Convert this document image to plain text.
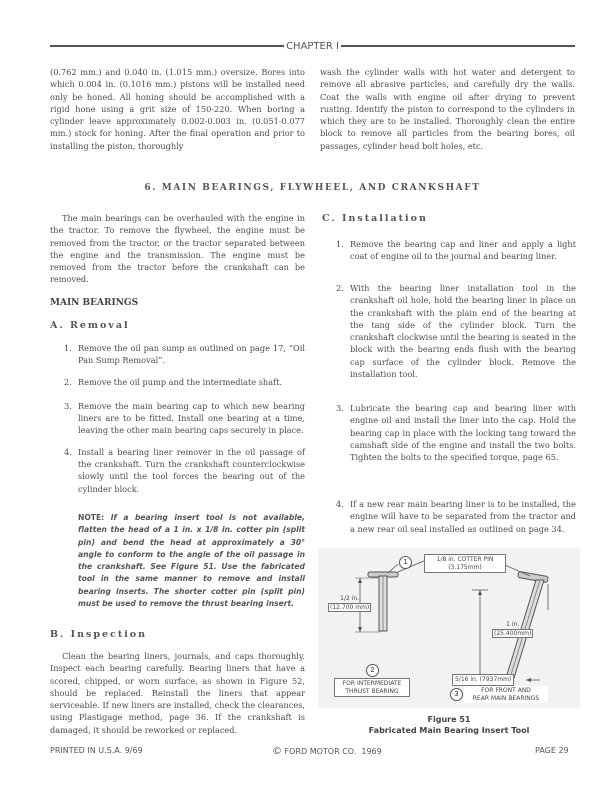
CHAPTER I
(0.762 mm.) and 0.040 in. (1.015 mm.) oversize. Bores into which 0.004 in. (0.1016 mm.) pistons will be installed need only be honed. All honing should be accomplished with a rigid hone using a grit size of 150-220. When boring a cylinder leave approximately 0.002-0.003 in. (0.051-0.077 mm.) stock for honing. After the final operation and prior to installing the piston, thoroughly
wash the cylinder walls with hot water and detergent to remove all abrasive particles, and carefully dry the walls. Coat the walls with engine oil after drying to prevent rusting. Identify the piston to correspond to the cylinders in which they are to be installed. Thoroughly clean the entire block to remove all particles from the bearing bores, oil passages, cylinder head bolt holes, etc.
6. MAIN BEARINGS, FLYWHEEL, AND CRANKSHAFT
The main bearings can be overhauled with the engine in the tractor. To remove the flywheel, the engine must be removed from the tractor, or the tractor separated between the engine and the transmission. The engine must be removed from the tractor before the crankshaft can be removed.
MAIN BEARINGS
A. Removal
1. Remove the oil pan sump as outlined on page 17, “Oil Pan Sump Removal”.
2. Remove the oil pump and the intermediate shaft.
3. Remove the main bearing cap to which new bearing liners are to be fitted. Install one bearing at a time, leaving the other main bearing caps securely in place.
4. Install a bearing liner remover in the oil passage of the crankshaft. Turn the crankshaft counterclockwise slowly until the tool forces the bearing out of the cylinder block.
NOTE: If a bearing insert tool is not available, flatten the head of a 1 in. x 1/8 in. cotter pin (split pin) and bend the head at approximately a 30° angle to conform to the angle of the oil passage in the crankshaft. See Figure 51. Use the fabricated tool in the same manner to remove and install bearing inserts. The shorter cotter pin (split pin) must be used to remove the thrust bearing insert.
B. Inspection
Clean the bearing liners, journals, and caps thoroughly. Inspect each bearing carefully. Bearing liners that have a scored, chipped, or worn surface, as shown in Figure 52, should be replaced. Reinstall the liners that appear serviceable. If new liners are installed, check the clearances, using Plastigage method, page 36. If the crankshaft is damaged, it should be reworked or replaced.
C. Installation
1. Remove the bearing cap and liner and apply a light coat of engine oil to the journal and bearing liner.
2. With the bearing liner installation tool in the crankshaft oil hole, hold the bearing liner in place on the crankshaft with the plain end of the bearing at the tang side of the cylinder block. Turn the crankshaft clockwise until the bearing is seated in the block with the bearing ends flush with the bearing cap surface of the cylinder block. Remove the installation tool.
3. Lubricate the bearing cap and bearing liner with engine oil and install the liner into the cap. Hold the bearing cap in place with the locking tang toward the camshaft side of the engine and install the two bolts. Tighten the bolts to the specified torque, page 65.
4. If a new rear main bearing liner is to be installed, the engine will have to be separated from the tractor and a new rear oil seal installed as outlined on page 34.
1	1/8 in. COTTER PIN
(3.175mm)
1/2 in.
(12.700 mm)
1 in.
(25.400mm)
5/16 in. (7937mm)
2
FOR INTERMEDIATE
THRUST BEARING	3	FOR FRONT AND
REAR MAIN BEARINGS
Figure 51
Fabricated Main Bearing Insert Tool
PRINTED IN U.S.A. 9/69	© FORD MOTOR CO.  1969	PAGE 29
